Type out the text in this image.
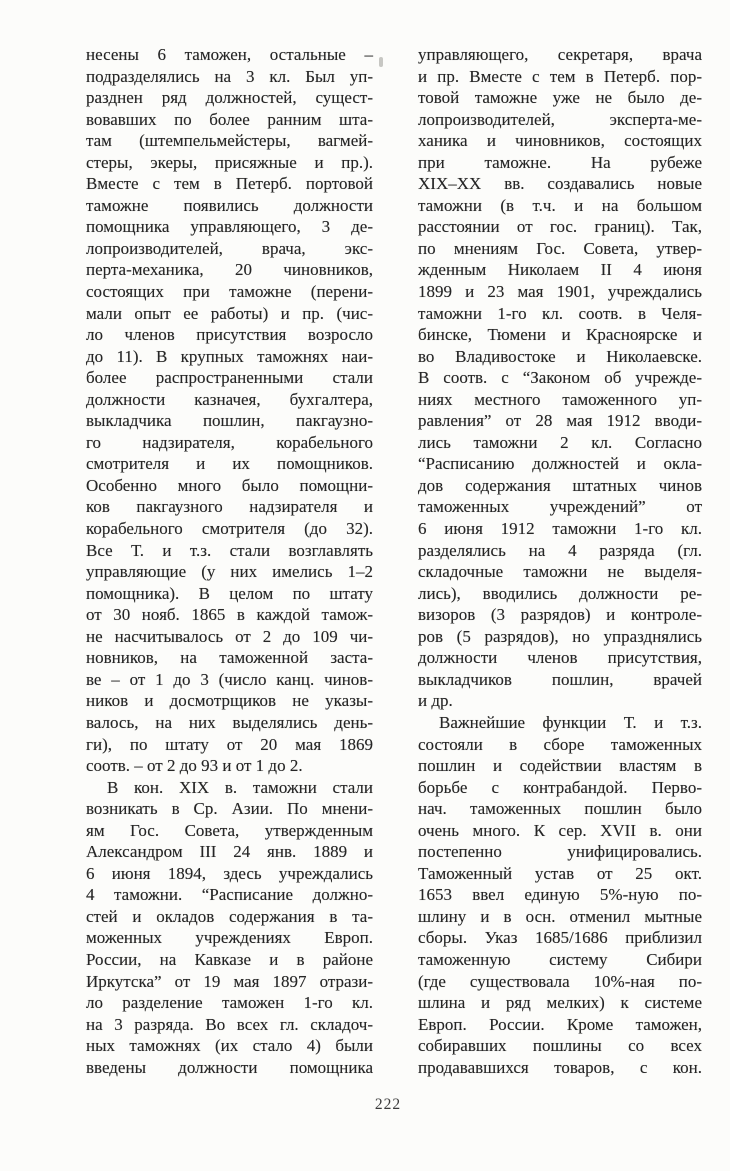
несены 6 таможен, остальные –
подразделялись на 3 кл. Был уп-
разднен ряд должностей, сущест-
вовавших по более ранним шта-
там (штемпельмейстеры, вагмей-
стеры, экеры, присяжные и пр.).
Вместе с тем в Петерб. портовой
таможне появились должности
помощника управляющего, 3 де-
лопроизводителей, врача, экс-
перта-механика, 20 чиновников,
состоящих при таможне (перени-
мали опыт ее работы) и пр. (чис-
ло членов присутствия возросло
до 11). В крупных таможнях наи-
более распространенными стали
должности казначея, бухгалтера,
выкладчика пошлин, пакгаузно-
го надзирателя, корабельного
смотрителя и их помощников.
Особенно много было помощни-
ков пакгаузного надзирателя и
корабельного смотрителя (до 32).
Все Т. и т.з. стали возглавлять
управляющие (у них имелись 1–2
помощника). В целом по штату
от 30 нояб. 1865 в каждой тамож-
не насчитывалось от 2 до 109 чи-
новников, на таможенной заста-
ве – от 1 до 3 (число канц. чинов-
ников и досмотрщиков не указы-
валось, на них выделялись день-
ги), по штату от 20 мая 1869
соотв. – от 2 до 93 и от 1 до 2.
В кон. XIX в. таможни стали
возникать в Ср. Азии. По мнени-
ям Гос. Совета, утвержденным
Александром III 24 янв. 1889 и
6 июня 1894, здесь учреждались
4 таможни. “Расписание должно-
стей и окладов содержания в та-
моженных учреждениях Европ.
России, на Кавказе и в районе
Иркутска” от 19 мая 1897 отрази-
ло разделение таможен 1-го кл.
на 3 разряда. Во всех гл. складоч-
ных таможнях (их стало 4) были
введены должности помощника
управляющего, секретаря, врача
и пр. Вместе с тем в Петерб. пор-
товой таможне уже не было де-
лопроизводителей, эксперта-ме-
ханика и чиновников, состоящих
при таможне. На рубеже
XIX–XX вв. создавались новые
таможни (в т.ч. и на большом
расстоянии от гос. границ). Так,
по мнениям Гос. Совета, утвер-
жденным Николаем II 4 июня
1899 и 23 мая 1901, учреждались
таможни 1-го кл. соотв. в Челя-
бинске, Тюмени и Красноярске и
во Владивостоке и Николаевске.
В соотв. с “Законом об учрежде-
ниях местного таможенного уп-
равления” от 28 мая 1912 вводи-
лись таможни 2 кл. Согласно
“Расписанию должностей и окла-
дов содержания штатных чинов
таможенных учреждений” от
6 июня 1912 таможни 1-го кл.
разделялись на 4 разряда (гл.
складочные таможни не выделя-
лись), вводились должности ре-
визоров (3 разрядов) и контроле-
ров (5 разрядов), но упразднялись
должности членов присутствия,
выкладчиков пошлин, врачей
и др.
Важнейшие функции Т. и т.з.
состояли в сборе таможенных
пошлин и содействии властям в
борьбе с контрабандой. Перво-
нач. таможенных пошлин было
очень много. К сер. XVII в. они
постепенно унифицировались.
Таможенный устав от 25 окт.
1653 ввел единую 5%-ную по-
шлину и в осн. отменил мытные
сборы. Указ 1685/1686 приблизил
таможенную систему Сибири
(где существовала 10%-ная по-
шлина и ряд мелких) к системе
Европ. России. Кроме таможен,
собиравших пошлины со всех
продававшихся товаров, с кон.
222
